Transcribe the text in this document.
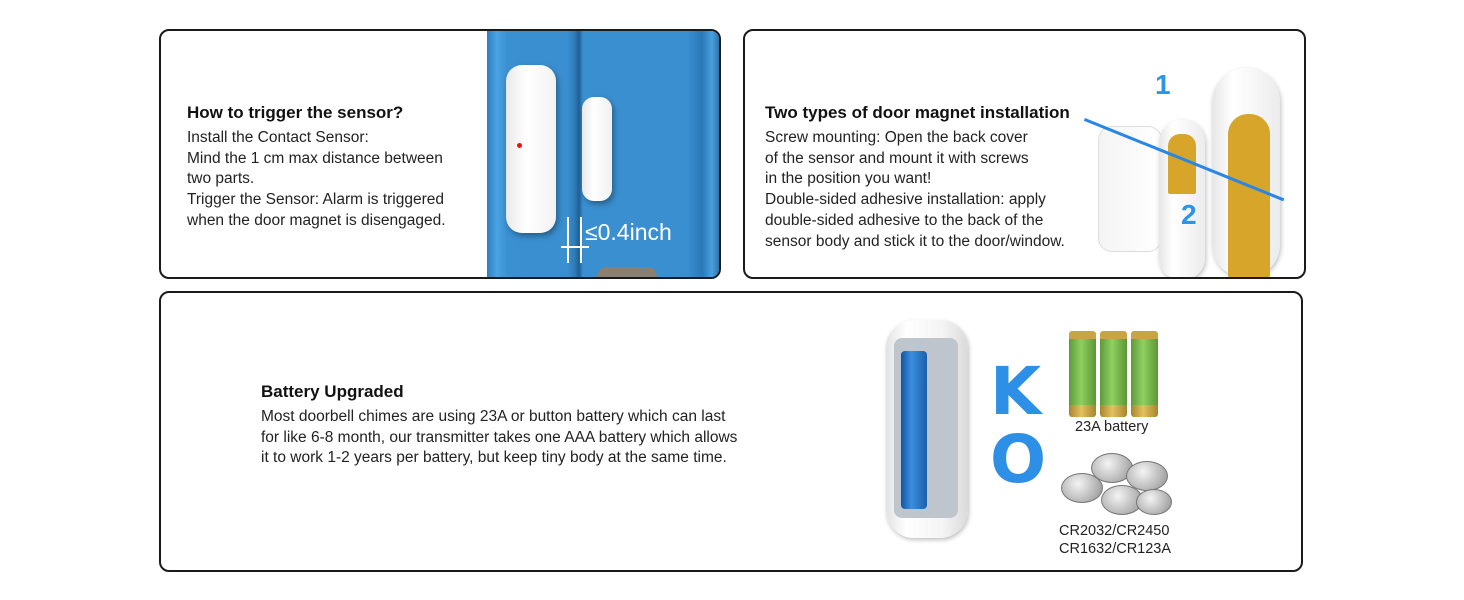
How to trigger the sensor?
Install the Contact Sensor:
Mind the 1 cm max distance between
two parts.
Trigger the Sensor: Alarm is triggered
when the door magnet is disengaged.	≤0.4inch
Two types of door magnet installation
Screw mounting: Open the back cover
of the sensor and mount it with screws
in the position you want!
Double-sided adhesive installation: apply
double-sided adhesive to the back of the
sensor body and stick it to the door/window.
1
2
Battery Upgraded
Most doorbell chimes are using 23A or button battery which can last
for like 6-8 month, our transmitter takes one AAA battery which allows
it to work 1-2 years per battery, but keep tiny body at the same time.
K
O 23A battery
CR2032/CR2450
CR1632/CR123A
